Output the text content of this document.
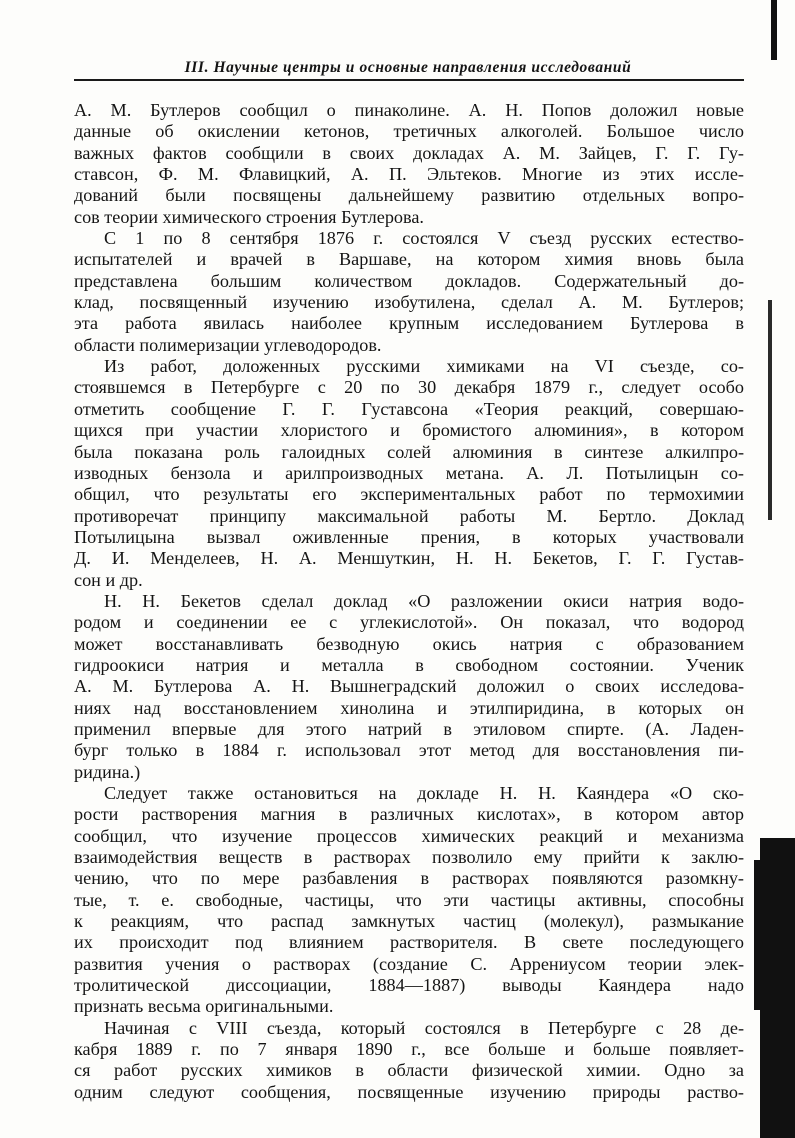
III. Научные центры и основные направления исследований
А. М. Бутлеров сообщил о пинаколине. А. Н. Попов доложил новые
данные об окислении кетонов, третичных алкоголей. Большое число
важных фактов сообщили в своих докладах А. М. Зайцев, Г. Г. Гу-
ставсон, Ф. М. Флавицкий, А. П. Эльтеков. Многие из этих иссле-
дований были посвящены дальнейшему развитию отдельных вопро-
сов теории химического строения Бутлерова.
С 1 по 8 сентября 1876 г. состоялся V съезд русских естество-
испытателей и врачей в Варшаве, на котором химия вновь была
представлена большим количеством докладов. Содержательный до-
клад, посвященный изучению изобутилена, сделал А. М. Бутлеров;
эта работа явилась наиболее крупным исследованием Бутлерова в
области полимеризации углеводородов.
Из работ, доложенных русскими химиками на VI съезде, со-
стоявшемся в Петербурге с 20 по 30 декабря 1879 г., следует особо
отметить сообщение Г. Г. Густавсона «Теория реакций, совершаю-
щихся при участии хлористого и бромистого алюминия», в котором
была показана роль галоидных солей алюминия в синтезе алкилпро-
изводных бензола и арилпроизводных метана. А. Л. Потылицын со-
общил, что результаты его экспериментальных работ по термохимии
противоречат принципу максимальной работы М. Бертло. Доклад
Потылицына вызвал оживленные прения, в которых участвовали
Д. И. Менделеев, Н. А. Меншуткин, Н. Н. Бекетов, Г. Г. Густав-
сон и др.
Н. Н. Бекетов сделал доклад «О разложении окиси натрия водо-
родом и соединении ее с углекислотой». Он показал, что водород
может восстанавливать безводную окись натрия с образованием
гидроокиси натрия и металла в свободном состоянии. Ученик
А. М. Бутлерова А. Н. Вышнеградский доложил о своих исследова-
ниях над восстановлением хинолина и этилпиридина, в которых он
применил впервые для этого натрий в этиловом спирте. (А. Ладен-
бург только в 1884 г. использовал этот метод для восстановления пи-
ридина.)
Следует также остановиться на докладе Н. Н. Каяндера «О ско-
рости растворения магния в различных кислотах», в котором автор
сообщил, что изучение процессов химических реакций и механизма
взаимодействия веществ в растворах позволило ему прийти к заклю-
чению, что по мере разбавления в растворах появляются разомкну-
тые, т. е. свободные, частицы, что эти частицы активны, способны
к реакциям, что распад замкнутых частиц (молекул), размыкание
их происходит под влиянием растворителя. В свете последующего
развития учения о растворах (создание С. Аррениусом теории элек-
тролитической диссоциации, 1884—1887) выводы Каяндера надо
признать весьма оригинальными.
Начиная с VIII съезда, который состоялся в Петербурге с 28 де-
кабря 1889 г. по 7 января 1890 г., все больше и больше появляет-
ся работ русских химиков в области физической химии. Одно за
одним следуют сообщения, посвященные изучению природы раство-
